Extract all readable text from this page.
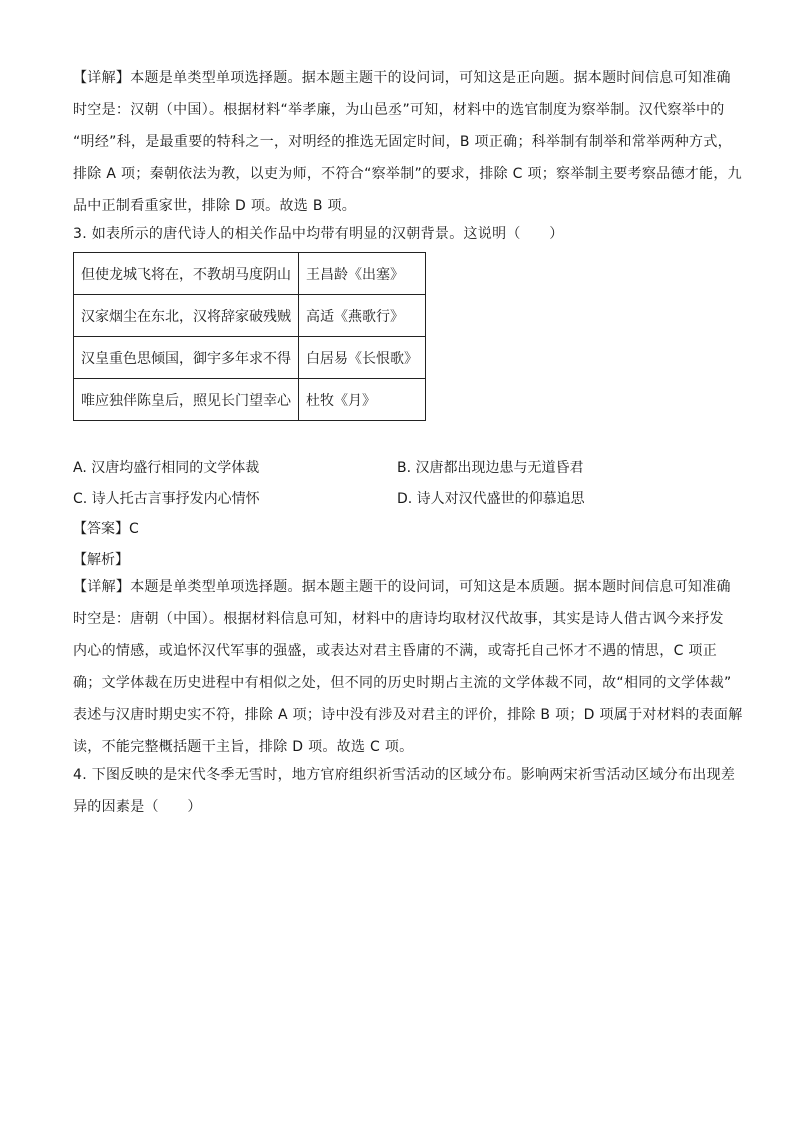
【详解】本题是单类型单项选择题。据本题主题干的设问词，可知这是正向题。据本题时间信息可知准确
时空是：汉朝（中国）。根据材料“举孝廉，为山邑丞”可知，材料中的选官制度为察举制。汉代察举中的
“明经”科，是最重要的特科之一，对明经的推选无固定时间，B 项正确；科举制有制举和常举两种方式，
排除 A 项；秦朝依法为教，以吏为师，不符合“察举制”的要求，排除 C 项；察举制主要考察品德才能，九
品中正制看重家世，排除 D 项。故选 B 项。
3. 如表所示的唐代诗人的相关作品中均带有明显的汉朝背景。这说明（　　）
但使龙城飞将在，不教胡马度阴山	王昌龄《出塞》
汉家烟尘在东北，汉将辞家破残贼	高适《燕歌行》
汉皇重色思倾国，御宇多年求不得	白居易《长恨歌》
唯应独伴陈皇后，照见长门望幸心	杜牧《月》
A. 汉唐均盛行相同的文学体裁	B. 汉唐都出现边患与无道昏君
C. 诗人托古言事抒发内心情怀	D. 诗人对汉代盛世的仰慕追思
【答案】C
【解析】
【详解】本题是单类型单项选择题。据本题主题干的设问词，可知这是本质题。据本题时间信息可知准确
时空是：唐朝（中国）。根据材料信息可知，材料中的唐诗均取材汉代故事，其实是诗人借古讽今来抒发
内心的情感，或追怀汉代军事的强盛，或表达对君主昏庸的不满，或寄托自己怀才不遇的情思，C 项正
确；文学体裁在历史进程中有相似之处，但不同的历史时期占主流的文学体裁不同，故“相同的文学体裁”
表述与汉唐时期史实不符，排除 A 项；诗中没有涉及对君主的评价，排除 B 项；D 项属于对材料的表面解
读，不能完整概括题干主旨，排除 D 项。故选 C 项。
4. 下图反映的是宋代冬季无雪时，地方官府组织祈雪活动的区域分布。影响两宋祈雪活动区域分布出现差
异的因素是（　　）
